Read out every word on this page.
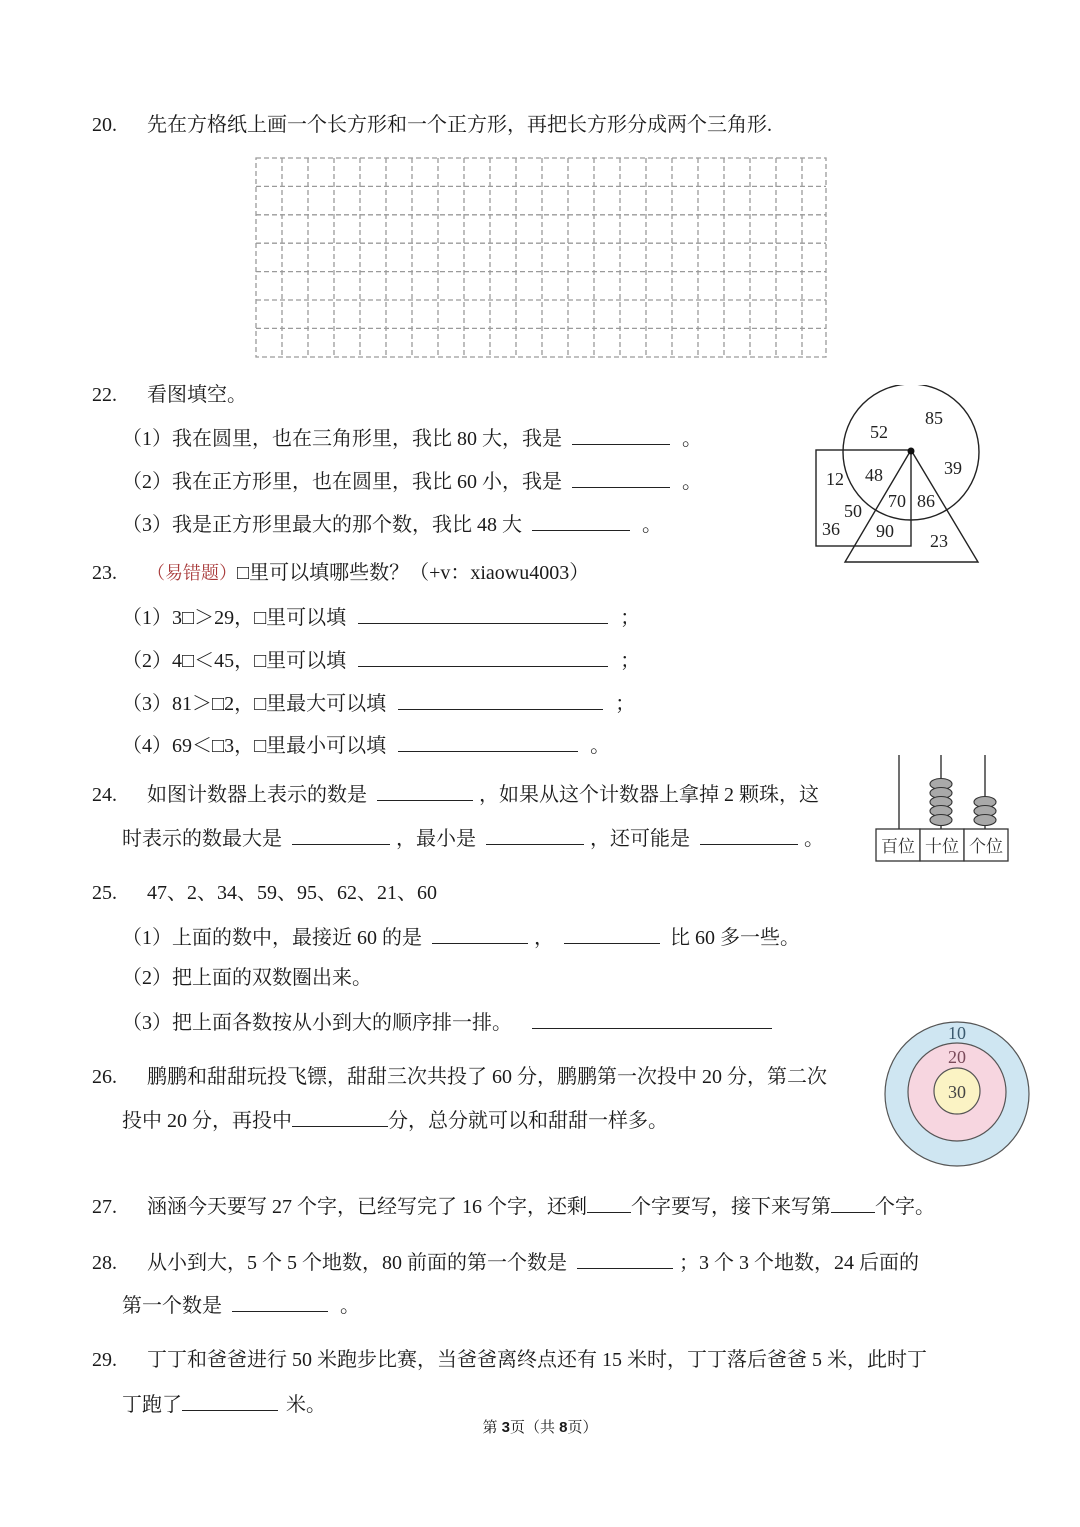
20. 先在方格纸上画一个长方形和一个正方形，再把长方形分成两个三角形.
22. 看图填空。
（1）我在圆里，也在三角形里，我比 80 大，我是	。
（2）我在正方形里，也在圆里，我比 60 小，我是	。
（3）我是正方形里最大的那个数，我比 48 大	。
52
85
39
48
12
36
70
50
90
86
23
23. （易错题）□里可以填哪些数？（+v：xiaowu4003）
（1）3□＞29，□里可以填	；
（2）4□＜45，□里可以填	；
（3）81＞□2，□里最大可以填	；
（4）69＜□3，□里最小可以填	。
24. 如图计数器上表示的数是	，如果从这个计数器上拿掉 2 颗珠，这
时表示的数最大是	，最小是	，还可能是	。	百位 十位 个位
25. 47、2、34、59、95、62、21、60
（1）上面的数中，最接近 60 的是	，	比 60 多一些。
（2）把上面的双数圈出来。
（3）把上面各数按从小到大的顺序排一排。
26. 鹏鹏和甜甜玩投飞镖，甜甜三次共投了 60 分，鹏鹏第一次投中 20 分，第二次
投中 20 分，再投中	分，总分就可以和甜甜一样多。
10
20
30
27. 涵涵今天要写 27 个字，已经写完了 16 个字，还剩 个字要写，接下来写第 个字。
28. 从小到大，5 个 5 个地数，80 前面的第一个数是	；3 个 3 个地数，24 后面的
第一个数是	。
29. 丁丁和爸爸进行 50 米跑步比赛，当爸爸离终点还有 15 米时，丁丁落后爸爸 5 米，此时丁
丁跑了	米。
第 3页（共 8页）
